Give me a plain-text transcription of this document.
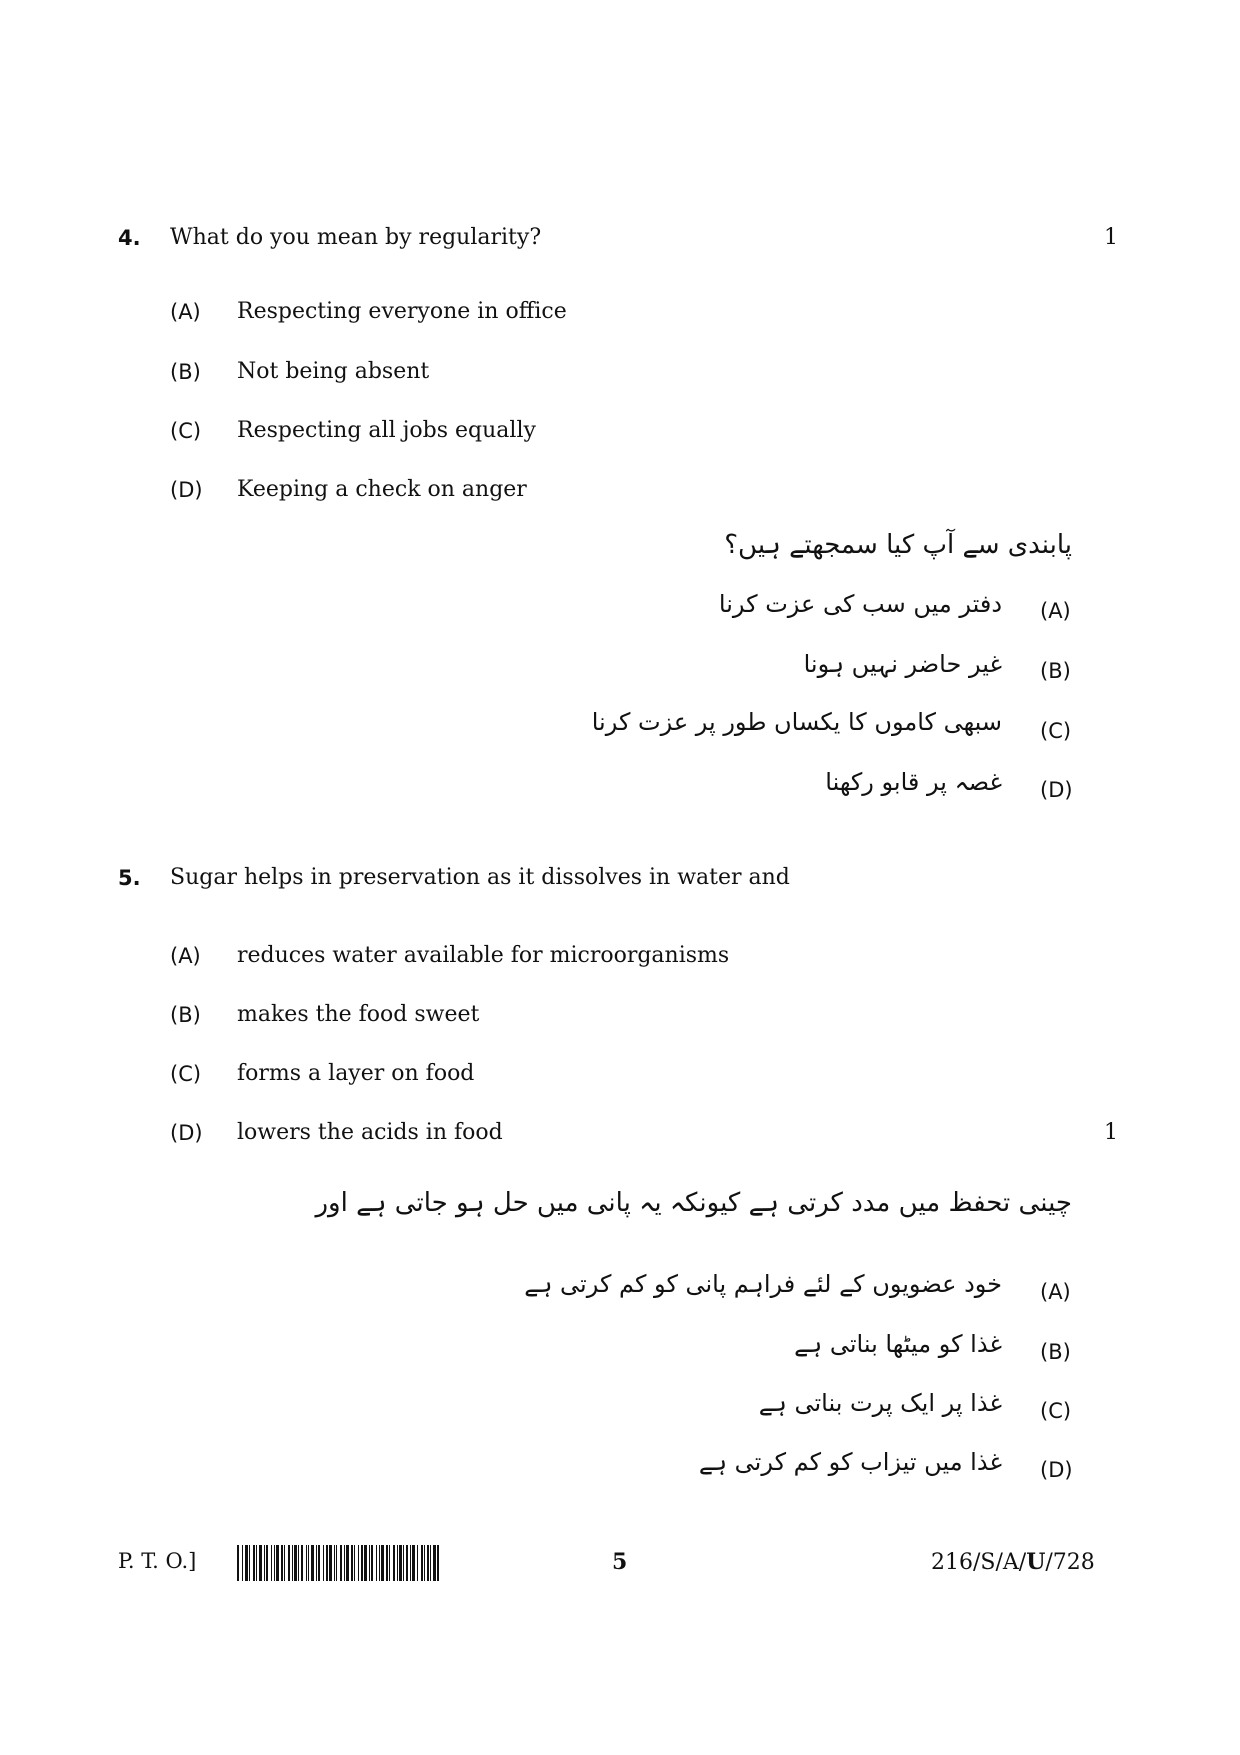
4. What do you mean by regularity?	1
(A) Respecting everyone in office
(B) Not being absent
(C) Respecting all jobs equally
(D) Keeping a check on anger
پابندی سے آپ کیا سمجھتے ہیں؟
(A)
دفتر میں سب کی عزت کرنا
(B)
غیر حاضر نہیں ہونا
(C)
سبھی کاموں کا یکساں طور پر عزت کرنا
(D)
غصہ پر قابو رکھنا
5. Sugar helps in preservation as it dissolves in water and
(A) reduces water available for microorganisms
(B) makes the food sweet
(C) forms a layer on food
(D) lowers the acids in food	1
چینی تحفظ میں مدد کرتی ہے کیونکہ یہ پانی میں حل ہو جاتی ہے اور
(A)
خود عضویوں کے لئے فراہم پانی کو کم کرتی ہے
(B)
غذا کو میٹھا بناتی ہے
(C)
غذا پر ایک پرت بناتی ہے
(D)
غذا میں تیزاب کو کم کرتی ہے
P. T. O.]	5	216/S/A/U/728
